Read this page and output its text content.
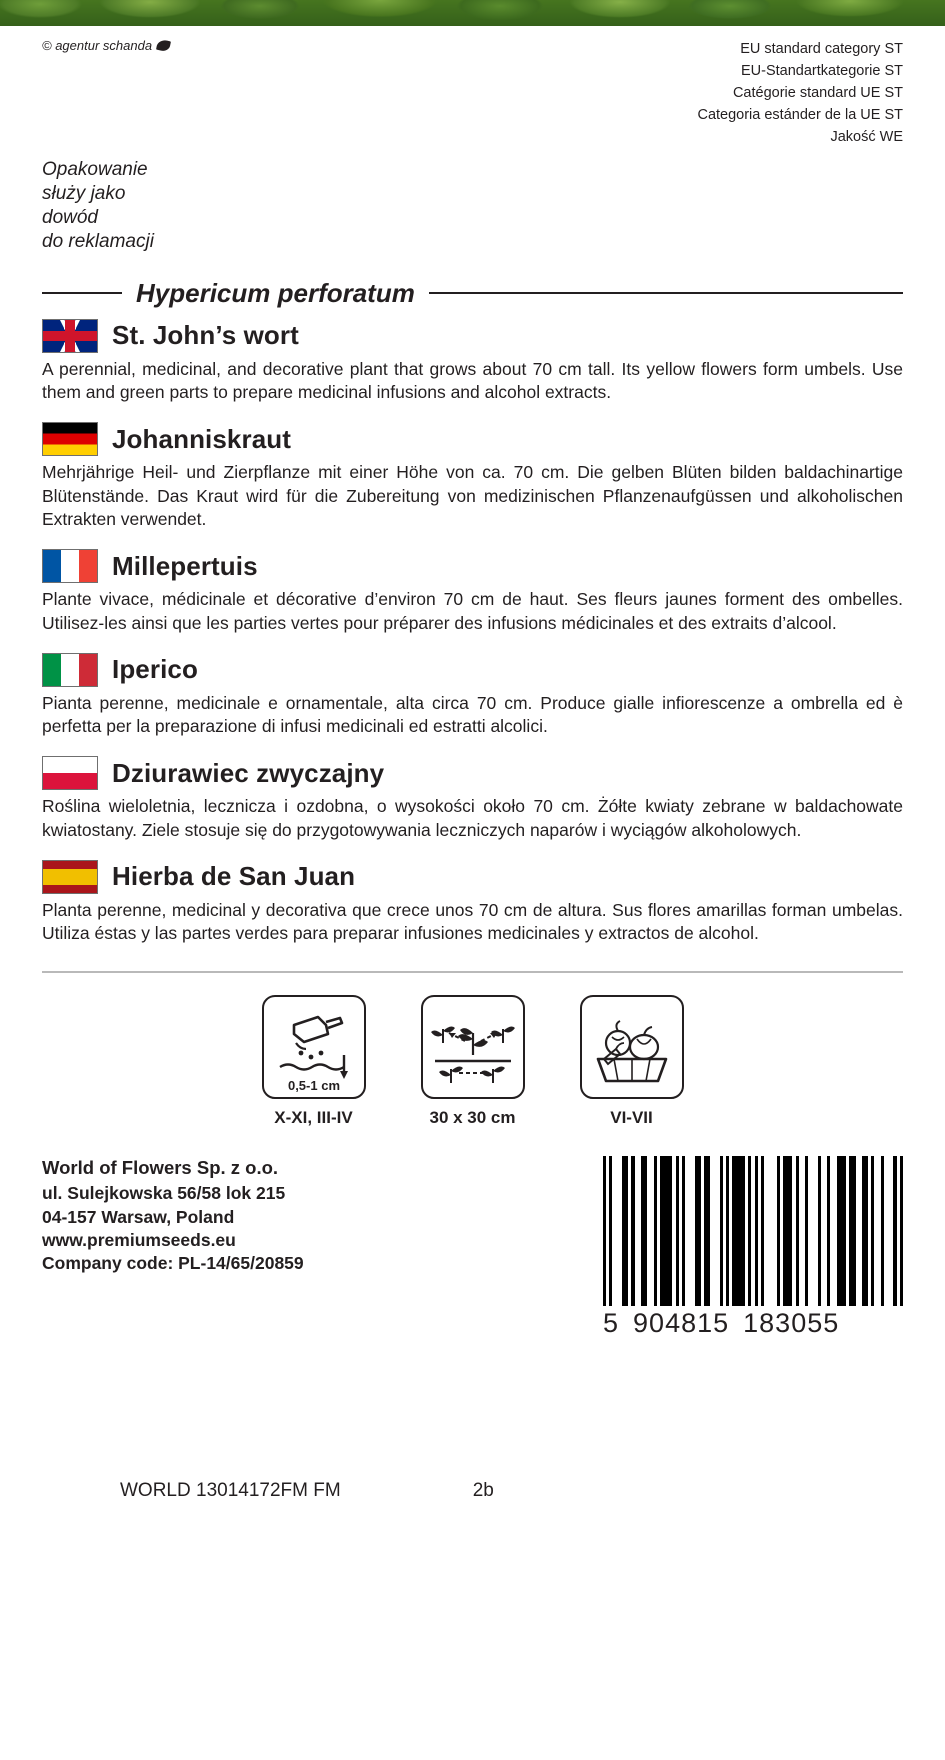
© agentur schanda	EU standard category ST
EU-Standartkategorie ST
Catégorie standard UE ST
Categoria estánder de la UE ST
Jakość WE
Opakowanie
służy jako
dowód
do reklamacji
Hypericum perforatum
St. John’s wort
A perennial, medicinal, and decorative plant that grows about 70 cm tall. Its yellow flowers form umbels. Use them and green parts to prepare medicinal infusions and alcohol extracts.
Johanniskraut
Mehrjährige Heil- und Zierpflanze mit einer Höhe von ca. 70 cm. Die gelben Blüten bilden baldachinartige Blütenstände. Das Kraut wird für die Zubereitung von medizinischen Pflanzenaufgüssen und alkoholischen Extrakten verwendet.
Millepertuis
Plante vivace, médicinale et décorative d’environ 70 cm de haut. Ses fleurs jaunes forment des ombelles. Utilisez-les ainsi que les parties vertes pour préparer des infusions médicinales et des extraits d’alcool.
Iperico
Pianta perenne, medicinale e ornamentale, alta circa 70 cm. Produce gialle infiorescenze a ombrella ed è perfetta per la preparazione di infusi medicinali ed estratti alcolici.
Dziurawiec zwyczajny
Roślina wieloletnia, lecznicza i ozdobna, o wysokości około 70 cm. Żółte kwiaty zebrane w baldachowate kwiatostany. Ziele stosuje się do przygotowywania leczniczych naparów i wyciągów alkoholowych.
Hierba de San Juan
Planta perenne, medicinal y decorativa que crece unos 70 cm de altura. Sus flores amarillas forman umbelas. Utiliza éstas y las partes verdes para preparar infusiones medicinales y extractos de alcohol.
0,5-1 cm
X-XI, III-IV	30 x 30 cm	VI-VII
World of Flowers Sp. z o.o.
ul. Sulejkowska 56/58 lok 215
04-157 Warsaw, Poland
www.premiumseeds.eu
Company code: PL-14/65/20859
5 904815 183055
WORLD 13014172FM FM	2b
